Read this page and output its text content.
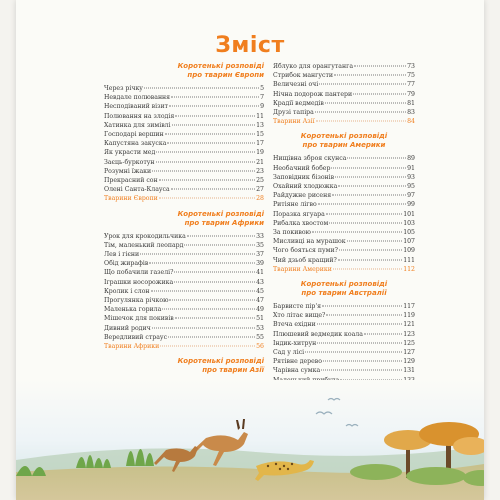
Зміст

Коротенькі розповіді
про тварин Європи

Через річку	5
Невдале полювання	7
Несподіваний візит	9
Полювання на злодія	11
Хатинка для зимівлі	13
Господарі вершин	15
Капустяна закуска	17
Як украсти мед	19
Заєць-буркотун	21
Розумні їжаки	23
Прекрасний сон	25
Олені Санта-Клауса	27
Тварини Європи	28

Коротенькі розповіді
про тварин Африки

Урок для крокодильчика	33
Тім, маленький леопард	35
Лев і гієни	37
Обід жирафів	39
Що побачили газелі?	41
Іграшки носорожика	43
Кролик і слон	45
Прогулянка річкою	47
Маленька горила	49
Мішечок для покивів	51
Дивний родич	53
Вередливий страус	55
Тварини Африки	56

Коротенькі розповіді
про тварин Азії

Яблуко для орангутанга	73
Стрибок мангусти	75
Величезні очі	77
Нічна подорож пантери	79
Крадії ведмедів	81
Друзі тапіра	83
Тварини Азії	84

Коротенькі розповіді
про тварин Америки

Нищівна зброя скунса	89
Необачний бобер	91
Заповідник бізонів	93
Охайний хлодюжка	95
Райдужне рисеня	97
Ритіяне лігво	99
Поразка ягуара	101
Рибалка хвостом	103
За покивою	105
Мисливці на мурашок	107
Чого бояться пуми?	109
Чий дзьоб кращий?	111
Тварини Америки	112

Коротенькі розповіді
про тварин Австралії

Барвисте пір'я	117
Хто літає вище?	119
Втеча ехідни	121
Плюшевий ведмедик коала	123
Індик-хитрун	125
Сад у лісі	127
Рятівне дерево	129
Чарівна сумка	131
